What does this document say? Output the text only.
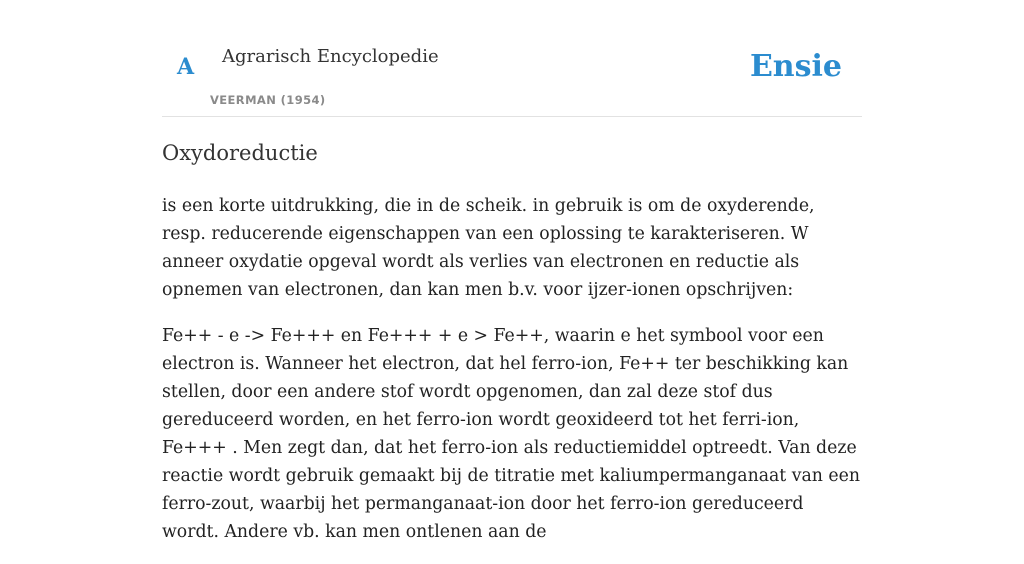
A Agrarisch Encyclopedie
VEERMAN (1954)
Ensie
Oxydoreductie

is een korte uitdrukking, die in de scheik. in gebruik is om de oxyderende, resp. reducerende eigenschappen van een oplossing te karakteriseren. W anneer oxydatie opgeval wordt als verlies van electronen en reductie als opnemen van electronen, dan kan men b.v. voor ijzer-ionen opschrijven:

Fe++ - e -> Fe+++ en Fe+++ + e > Fe++, waarin e het symbool voor een electron is. Wanneer het electron, dat hel ferro-ion, Fe++ ter beschikking kan stellen, door een andere stof wordt opgenomen, dan zal deze stof dus gereduceerd worden, en het ferro-ion wordt geoxideerd tot het ferri-ion, Fe+++ . Men zegt dan, dat het ferro-ion als reductiemiddel optreedt. Van deze reactie wordt gebruik gemaakt bij de titratie met kaliumpermanganaat van een ferro-zout, waarbij het permanganaat-ion door het ferro-ion gereduceerd wordt. Andere vb. kan men ontlenen aan de
